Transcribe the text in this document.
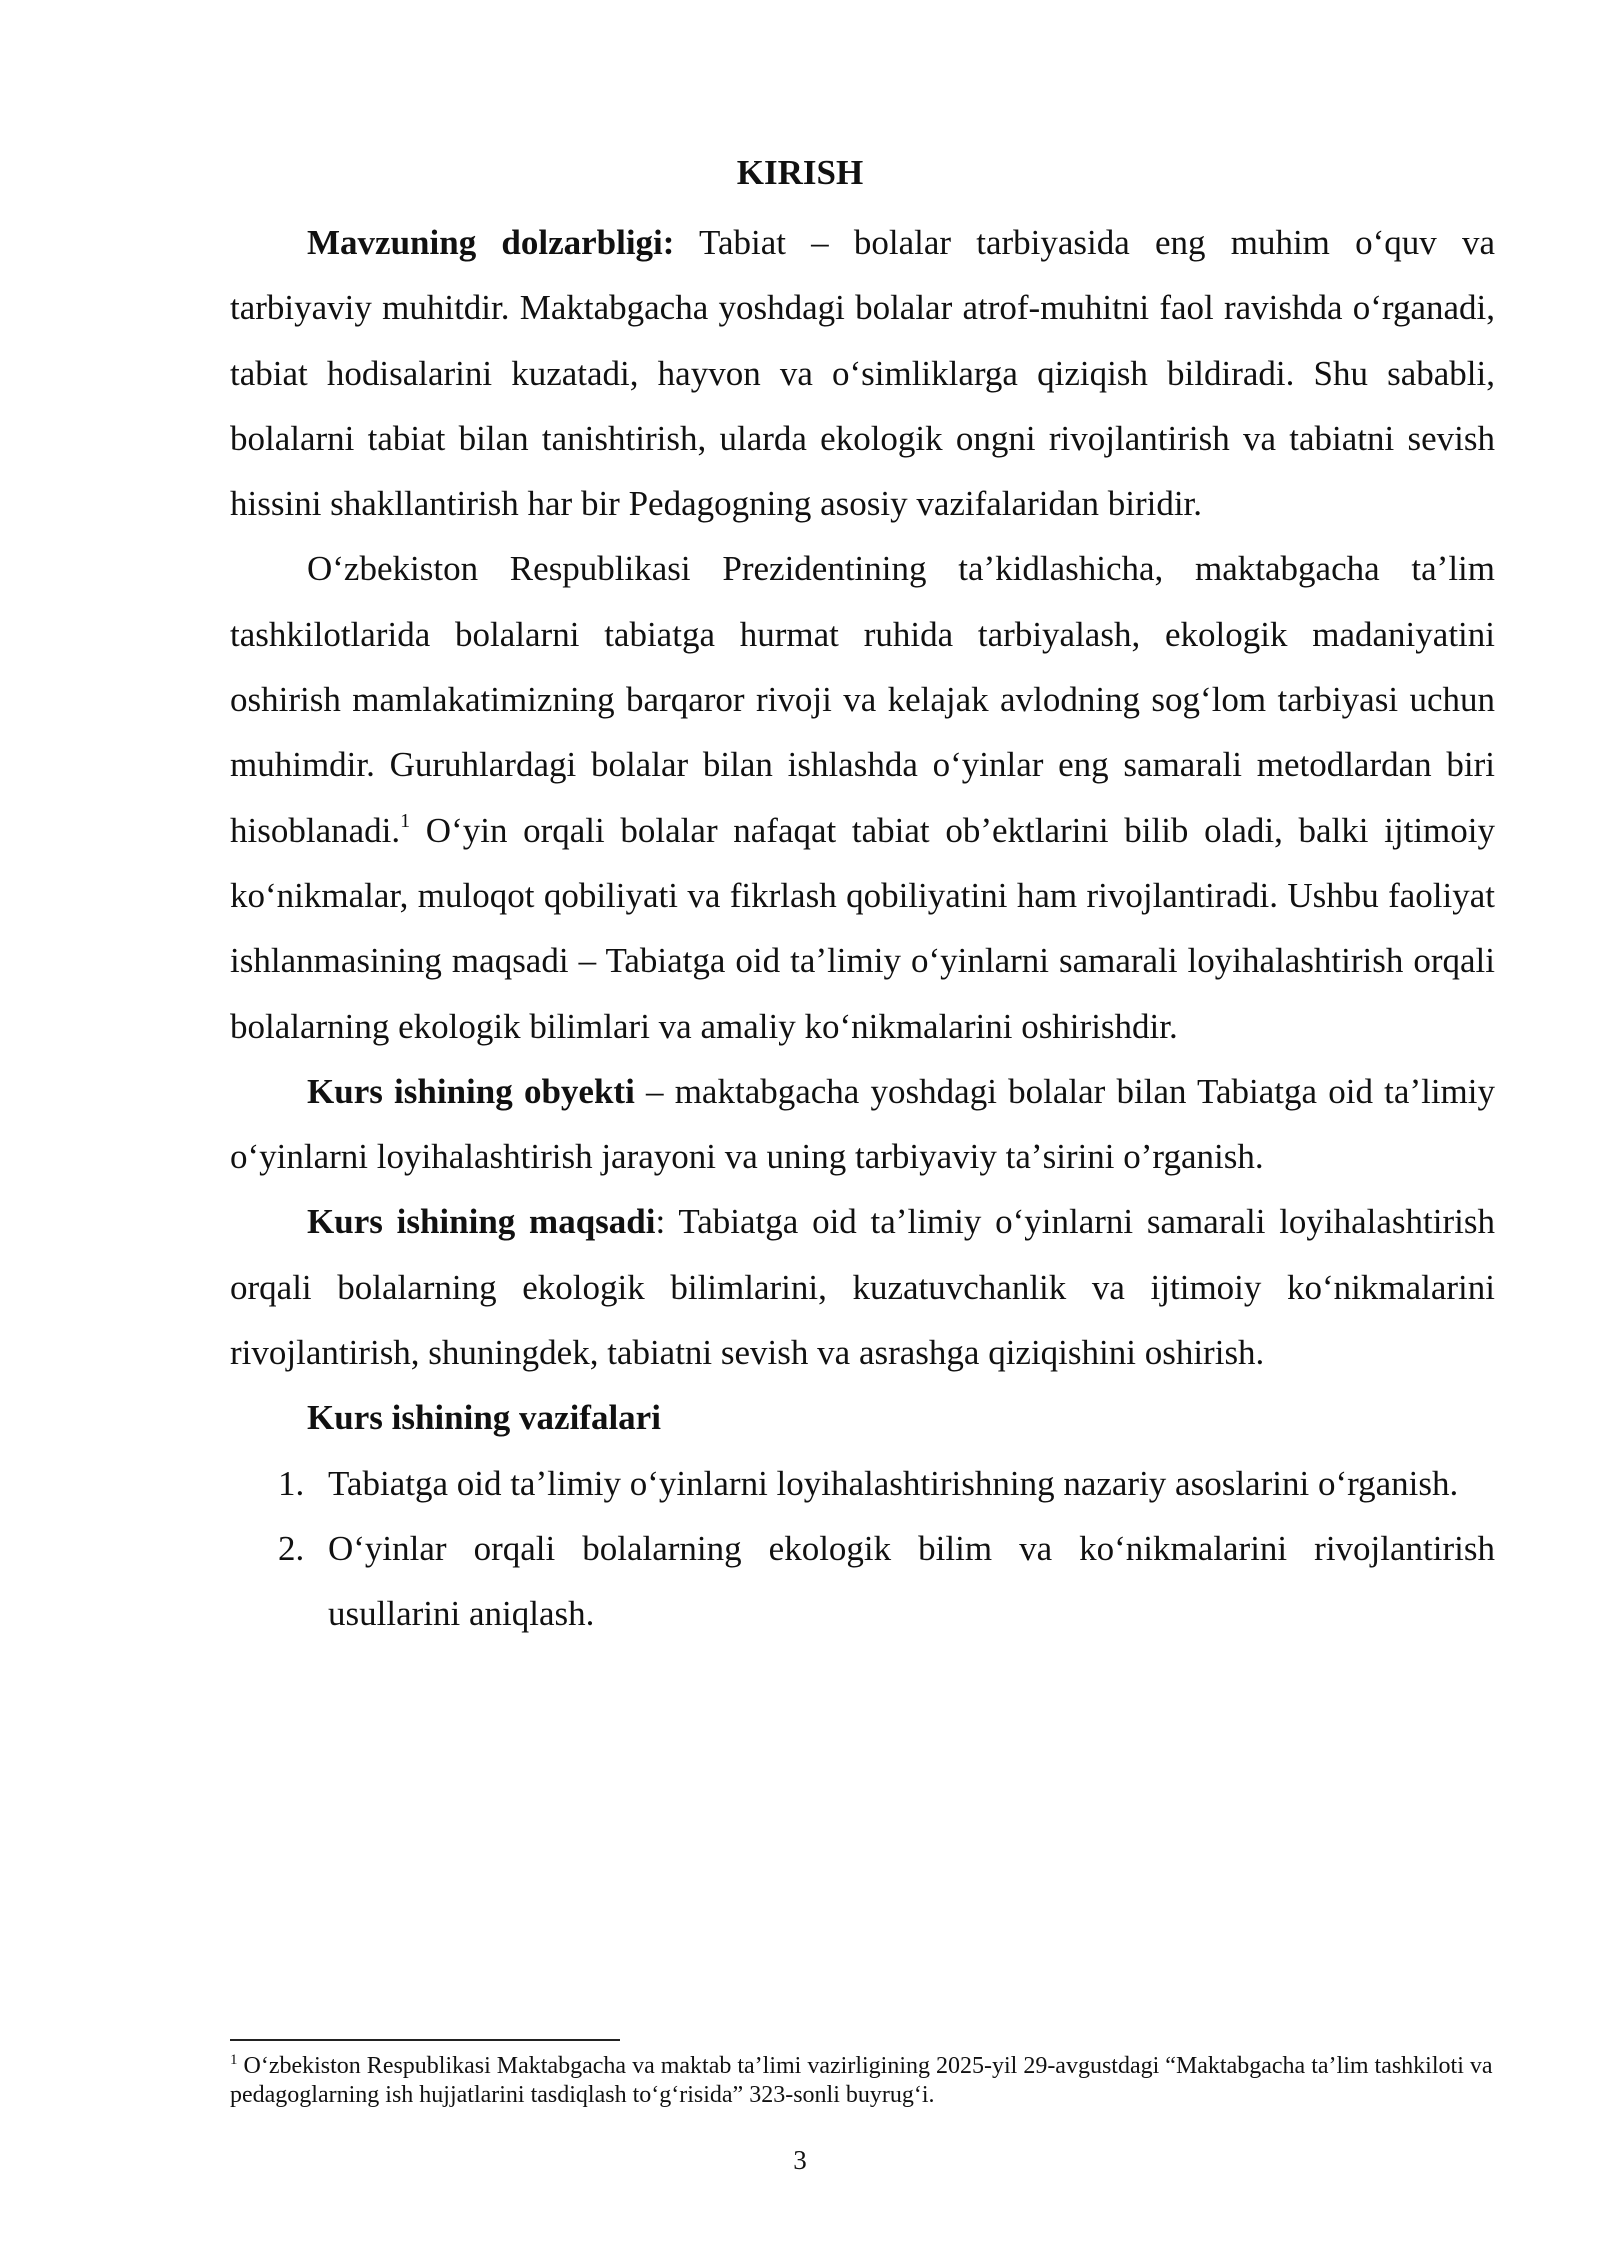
KIRISH

Mavzuning dolzarbligi: Tabiat – bolalar tarbiyasida eng muhim oʻquv va tarbiyaviy muhitdir. Maktabgacha yoshdagi bolalar atrof-muhitni faol ravishda oʻrganadi, tabiat hodisalarini kuzatadi, hayvon va oʻsimliklarga qiziqish bildiradi. Shu sababli, bolalarni tabiat bilan tanishtirish, ularda ekologik ongni rivojlantirish va tabiatni sevish hissini shakllantirish har bir Pedagogning asosiy vazifalaridan biridir.

Oʻzbekiston Respublikasi Prezidentining taʼkidlashicha, maktabgacha taʼlim tashkilotlarida bolalarni tabiatga hurmat ruhida tarbiyalash, ekologik madaniyatini oshirish mamlakatimizning barqaror rivoji va kelajak avlodning sogʻlom tarbiyasi uchun muhimdir. Guruhlardagi bolalar bilan ishlashda oʻyinlar eng samarali metodlardan biri hisoblanadi.$^1$ Oʻyin orqali bolalar nafaqat tabiat obʼektlarini bilib oladi, balki ijtimoiy koʻnikmalar, muloqot qobiliyati va fikrlash qobiliyatini ham rivojlantiradi. Ushbu faoliyat ishlanmasining maqsadi – Tabiatga oid taʼlimiy oʻyinlarni samarali loyihalashtirish orqali bolalarning ekologik bilimlari va amaliy koʻnikmalarini oshirishdir.

Kurs ishining obyekti – maktabgacha yoshdagi bolalar bilan Tabiatga oid taʼlimiy oʻyinlarni loyihalashtirish jarayoni va uning tarbiyaviy taʼsirini o’rganish.

Kurs ishining maqsadi: Tabiatga oid taʼlimiy oʻyinlarni samarali loyihalashtirish orqali bolalarning ekologik bilimlarini, kuzatuvchanlik va ijtimoiy koʻnikmalarini rivojlantirish, shuningdek, tabiatni sevish va asrashga qiziqishini oshirish.

Kurs ishining vazifalari

1. Tabiatga oid taʼlimiy oʻyinlarni loyihalashtirishning nazariy asoslarini oʻrganish.
2. Oʻyinlar orqali bolalarning ekologik bilim va koʻnikmalarini rivojlantirish usullarini aniqlash.
$^1$ Oʻzbekiston Respublikasi Maktabgacha va maktab taʼlimi vazirligining 2025-yil 29-avgustdagi “Maktabgacha taʼlim tashkiloti va pedagoglarning ish hujjatlarini tasdiqlash toʻgʻrisida” 323-sonli buyrugʻi.
3
